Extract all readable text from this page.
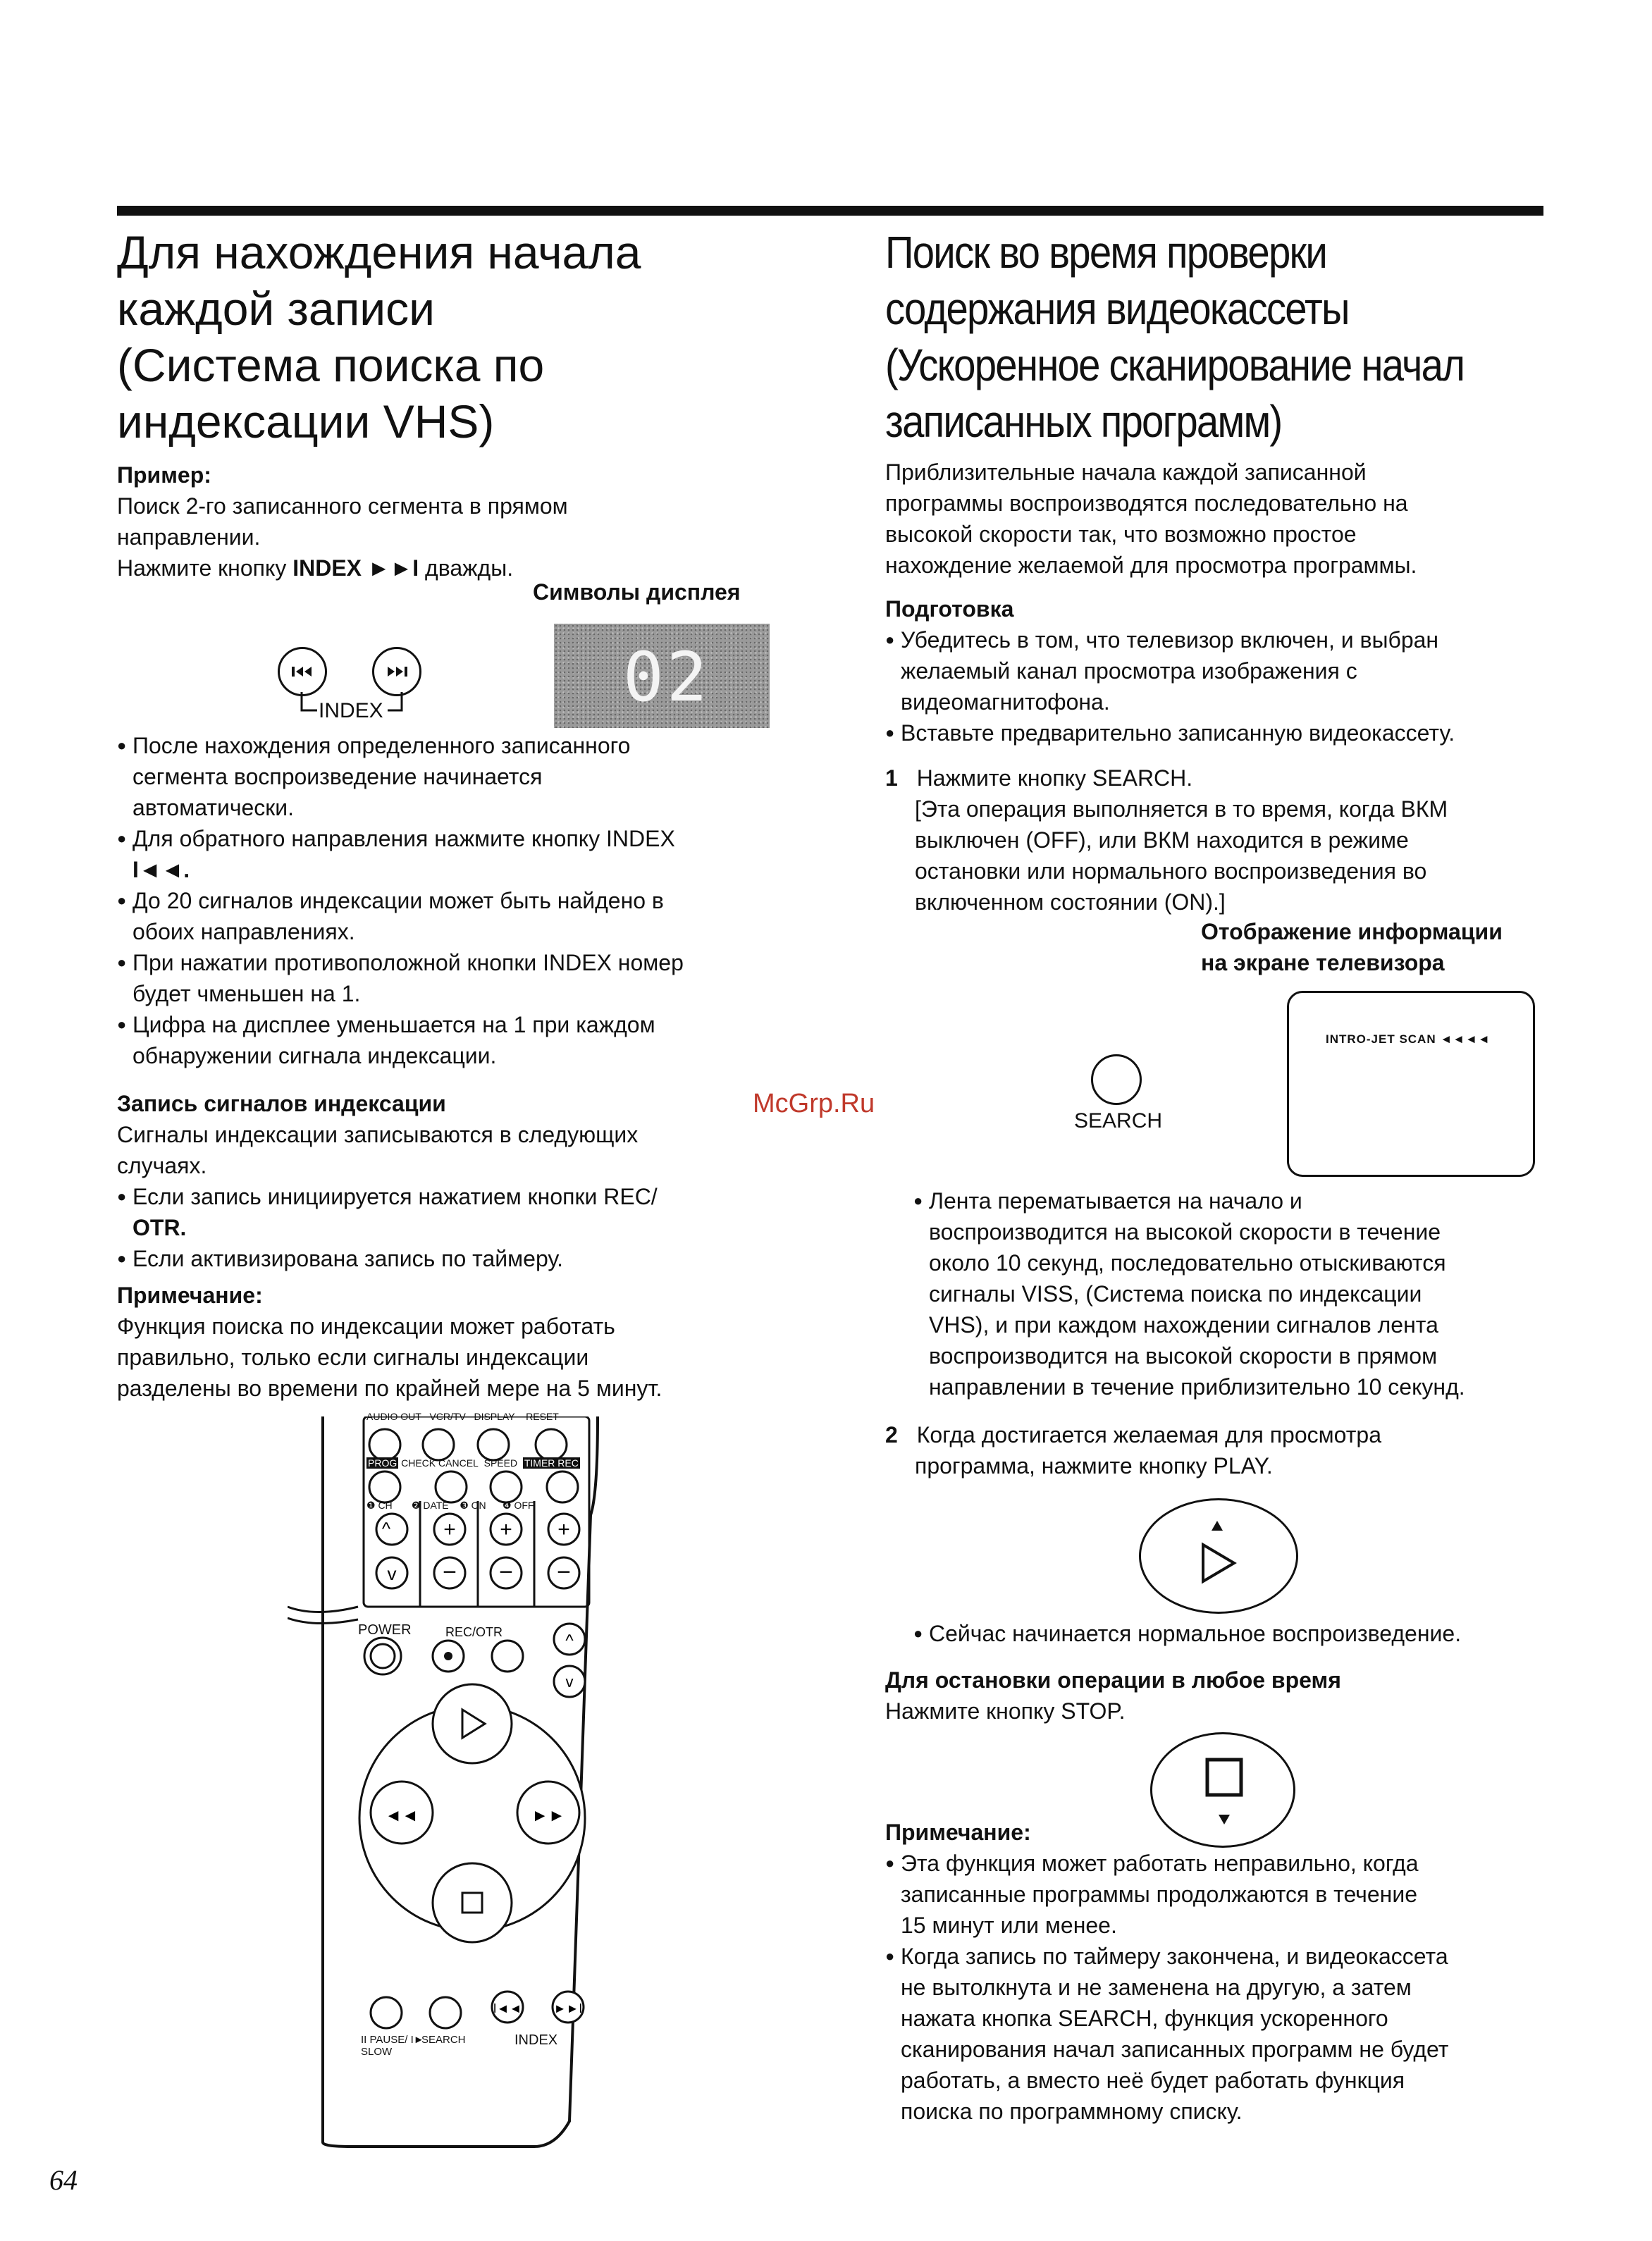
Для нахождения начала
каждой записи
(Система поиска по
индексации VHS)
Пример:
Поиск 2-го записанного сегмента в прямом
направлении.
Нажмите кнопку INDEX ►►I дважды.
Символы дисплея
INDEX	02
● После нахождения определенного записанного
сегмента воспроизведение начинается
автоматически.
● Для обратного направления нажмите кнопку INDEX
I◄◄.
● До 20 сигналов индексации может быть найдено в
обоих направлениях.
● При нажатии противоположной кнопки INDEX номер
будет чменьшен на 1.
● Цифра на дисплее уменьшается на 1 при каждом
обнаружении сигнала индексации.
Запись сигналов индексации
Сигналы индексации записываются в следующих
случаях.
● Если запись инициируется нажатием кнопки REC/
OTR.
● Если активизирована запись по таймеру.
Примечание:
Функция поиска по индексации может работать
правильно, только если сигналы индексации
разделены во времени по крайней мере на 5 минут.
^	+ + +
v − − −
^
v
◄◄	►►
I◄◄	►►I
AUDIO OUT VCR/TV DISPLAY RESET
PROG CHECK CANCEL SPEED TIMER REC
❶ CH ❷ DATE ❸ ON ❹ OFF
POWER	REC/OTR
II PAUSE/ I► SLOW
SEARCH	INDEX
Поиск во время проверки
содержания видеокассеты
(Ускоренное сканирование начал
записанных программ)
Приблизительные начала каждой записанной
программы воспроизводятся последовательно на
высокой скорости так, что возможно простое
нахождение желаемой для просмотра программы.
Подготовка
● Убедитесь в том, что телевизор включен, и выбран
желаемый канал просмотра изображения с
видеомагнитофона.
● Вставьте предварительно записанную видеокассету.
1 Нажмите кнопку SEARCH.
[Эта операция выполняется в то время, когда ВКМ
выключен (OFF), или ВКМ находится в режиме
остановки или нормального воспроизведения во
включенном состоянии (ON).]
Отображение информации
на экране телевизора
SEARCH
INTRO-JET SCAN ◄◄◄◄
McGrp.Ru
● Лента перематывается на начало и
воспроизводится на высокой скорости в течение
около 10 секунд, последовательно отыскиваются
сигналы VISS, (Система поиска по индексации
VHS), и при каждом нахождении сигналов лента
воспроизводится на высокой скорости в прямом
направлении в течение приблизительно 10 секунд.
2 Когда достигается желаемая для просмотра
программа, нажмите кнопку PLAY.
● Сейчас начинается нормальное воспроизведение.
Для остановки операции в любое время
Нажмите кнопку STOP.
Примечание:
● Эта функция может работать неправильно, когда
записанные программы продолжаются в течение
15 минут или менее.
● Когда запись по таймеру закончена, и видеокассета
не вытолкнута и не заменена на другую, а затем
нажата кнопка SEARCH, функция ускоренного
сканирования начал записанных программ не будет
работать, а вместо неё будет работать функция
поиска по программному списку.
64
